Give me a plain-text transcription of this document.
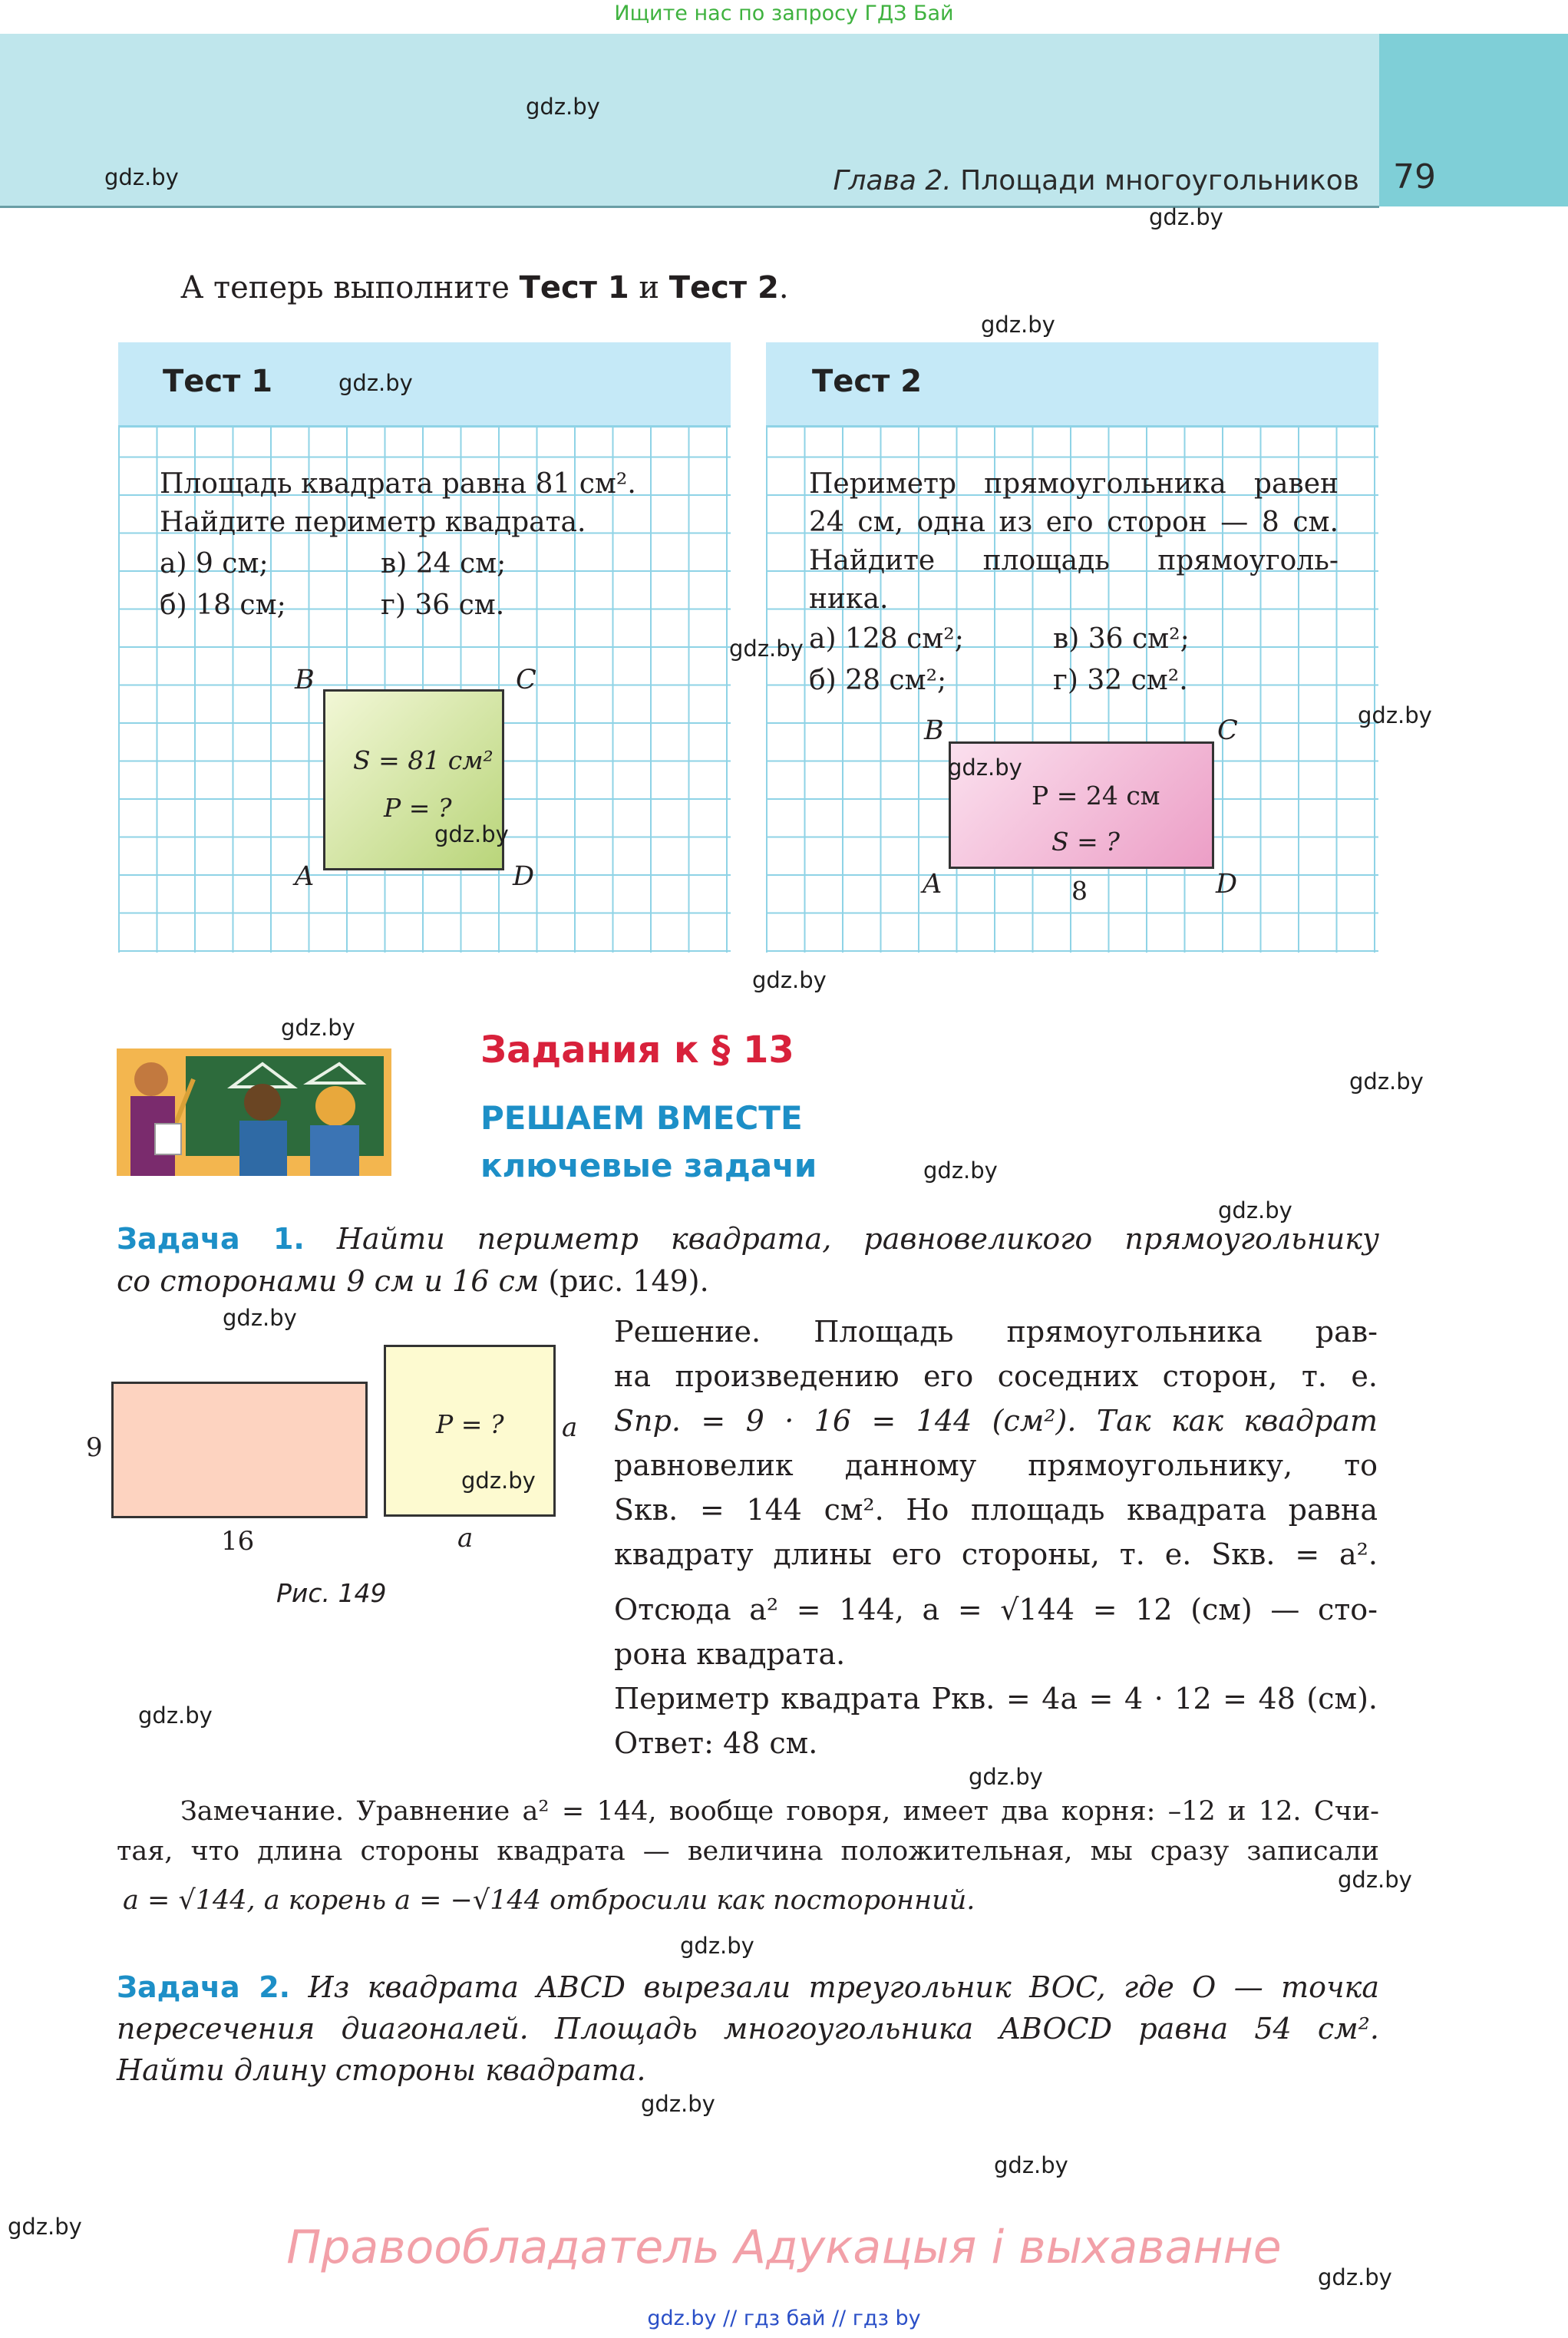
Ищите нас по запросу ГДЗ Бай
Глава 2. Площади многоугольников 79
gdz.by
gdz.by
gdz.by
gdz.by
А теперь выполните Тест 1 и Тест 2.
Тест 1
Площадь квадрата равна 81 см².
Найдите периметр квадрата.
а) 9 см;	в) 24 см;
б) 18 см;	г) 36 см.
B	C
A	D
S = 81 см²
P = ?
gdz.by
gdz.by
Тест 2
Периметр прямоугольника равен
24 см, одна из его сторон — 8 см.
Найдите площадь прямоуголь-
ника.
а) 128 см²;	в) 36 см²;
б) 28 см²;	г) 32 см².
B	C
A	D
P = 24 см
S = ?
8
gdz.by
gdz.by
gdz.by
gdz.by
gdz.by
Задания к § 13
РЕШАЕМ ВМЕСТЕ
ключевые задачи
gdz.by
gdz.by
gdz.by
Задача 1. Найти периметр квадрата, равновеликого прямоугольнику
со сторонами 9 см и 16 см (рис. 149).
gdz.by
9
16
P = ? a
a
Рис. 149
gdz.by
gdz.by
Решение. Площадь прямоугольника рав-
на произведению его соседних сторон, т. е.
Sпр. = 9 · 16 = 144 (см²). Так как квадрат
равновелик данному прямоугольнику, то
Sкв. = 144 см². Но площадь квадрата равна
квадрату длины его стороны, т. е. Sкв. = a².
Отсюда a² = 144, a = √144 = 12 (см) — сто-
рона квадрата.
Периметр квадрата Pкв. = 4a = 4 · 12 = 48 (см).
Ответ: 48 см.
gdz.by
Замечание. Уравнение a² = 144, вообще говоря, имеет два корня: –12 и 12. Счи-
тая, что длина стороны квадрата — величина положительная, мы сразу записали
a = √144, а корень a = −√144 отбросили как посторонний.
gdz.by
gdz.by
Задача 2. Из квадрата ABCD вырезали треугольник BOC, где O — точка
пересечения диагоналей. Площадь многоугольника ABOCD равна 54 см².
Найти длину стороны квадрата.
gdz.by
gdz.by
gdz.by
gdz.by
Правообладатель Адукацыя і выхаванне
gdz.by // гдз бай // гдз by
